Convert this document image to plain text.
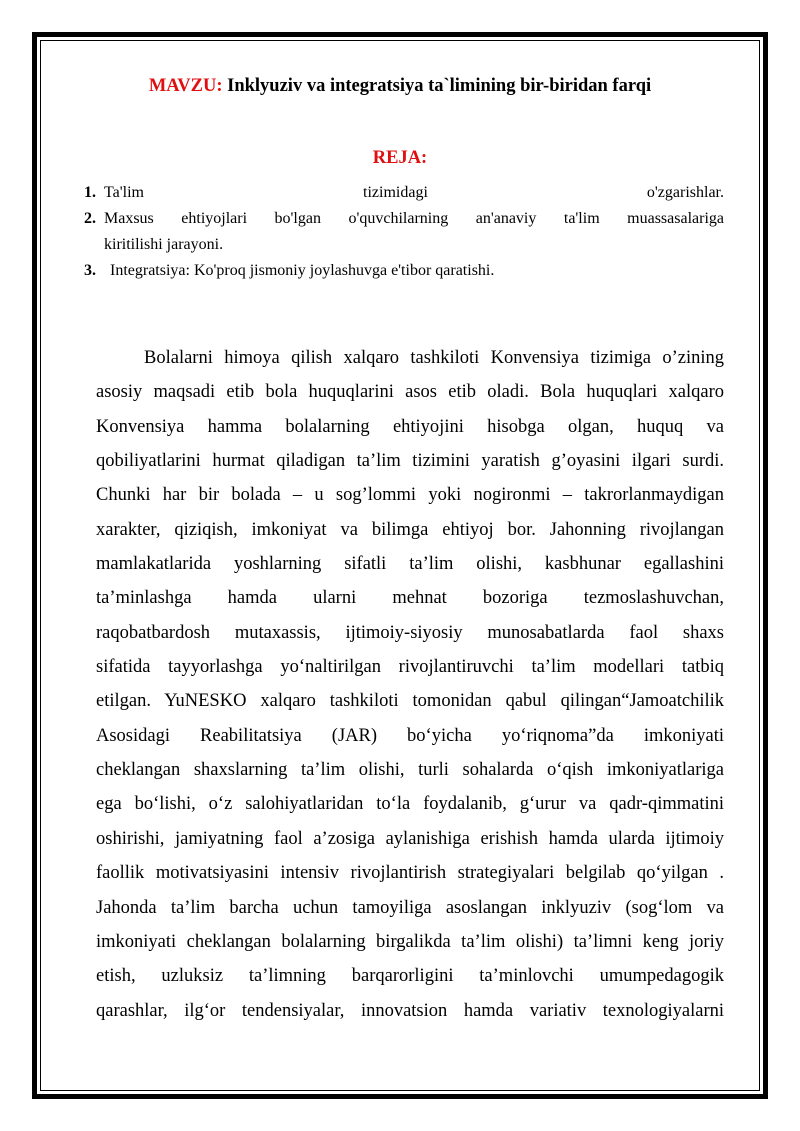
MAVZU: Inklyuziv va integratsiya ta`limining bir-biridan farqi
REJA:
1. Ta'lim tizimidagi o'zgarishlar.
2. Maxsus ehtiyojlari bo'lgan o'quvchilarning an'anaviy ta'lim muassasalariga
kiritilishi jarayoni.
3. Integratsiya: Ko'proq jismoniy joylashuvga e'tibor qaratishi.
Bolalarni himoya qilish xalqaro tashkiloti Konvensiya tizimiga o’zining
asosiy maqsadi etib bola huquqlarini asos etib oladi. Bola huquqlari xalqaro
Konvensiya hamma bolalarning ehtiyojini hisobga olgan, huquq va
qobiliyatlarini hurmat qiladigan ta’lim tizimini yaratish g’oyasini ilgari surdi.
Chunki har bir bolada – u sog’lommi yoki nogironmi – takrorlanmaydigan
xarakter, qiziqish, imkoniyat va bilimga ehtiyoj bor. Jahonning rivojlangan
mamlakatlarida yoshlarning sifatli ta’lim olishi, kasbhunar egallashini
ta’minlashga hamda ularni mehnat bozoriga tezmoslashuvchan,
raqobatbardosh mutaxassis, ijtimoiy-siyosiy munosabatlarda faol shaxs
sifatida tayyorlashga yo‘naltirilgan rivojlantiruvchi ta’lim modellari tatbiq
etilgan. YuNESKO xalqaro tashkiloti tomonidan qabul qilingan“Jamoatchilik
Asosidagi Reabilitatsiya (JAR) bo‘yicha yo‘riqnoma”da imkoniyati
cheklangan shaxslarning ta’lim olishi, turli sohalarda o‘qish imkoniyatlariga
ega bo‘lishi, o‘z salohiyatlaridan to‘la foydalanib, g‘urur va qadr-qimmatini
oshirishi, jamiyatning faol a’zosiga aylanishiga erishish hamda ularda ijtimoiy
faollik motivatsiyasini intensiv rivojlantirish strategiyalari belgilab qo‘yilgan .
Jahonda ta’lim barcha uchun tamoyiliga asoslangan inklyuziv (sog‘lom va
imkoniyati cheklangan bolalarning birgalikda ta’lim olishi) ta’limni keng joriy
etish, uzluksiz ta’limning barqarorligini ta’minlovchi umumpedagogik
qarashlar, ilg‘or tendensiyalar, innovatsion hamda variativ texnologiyalarni
